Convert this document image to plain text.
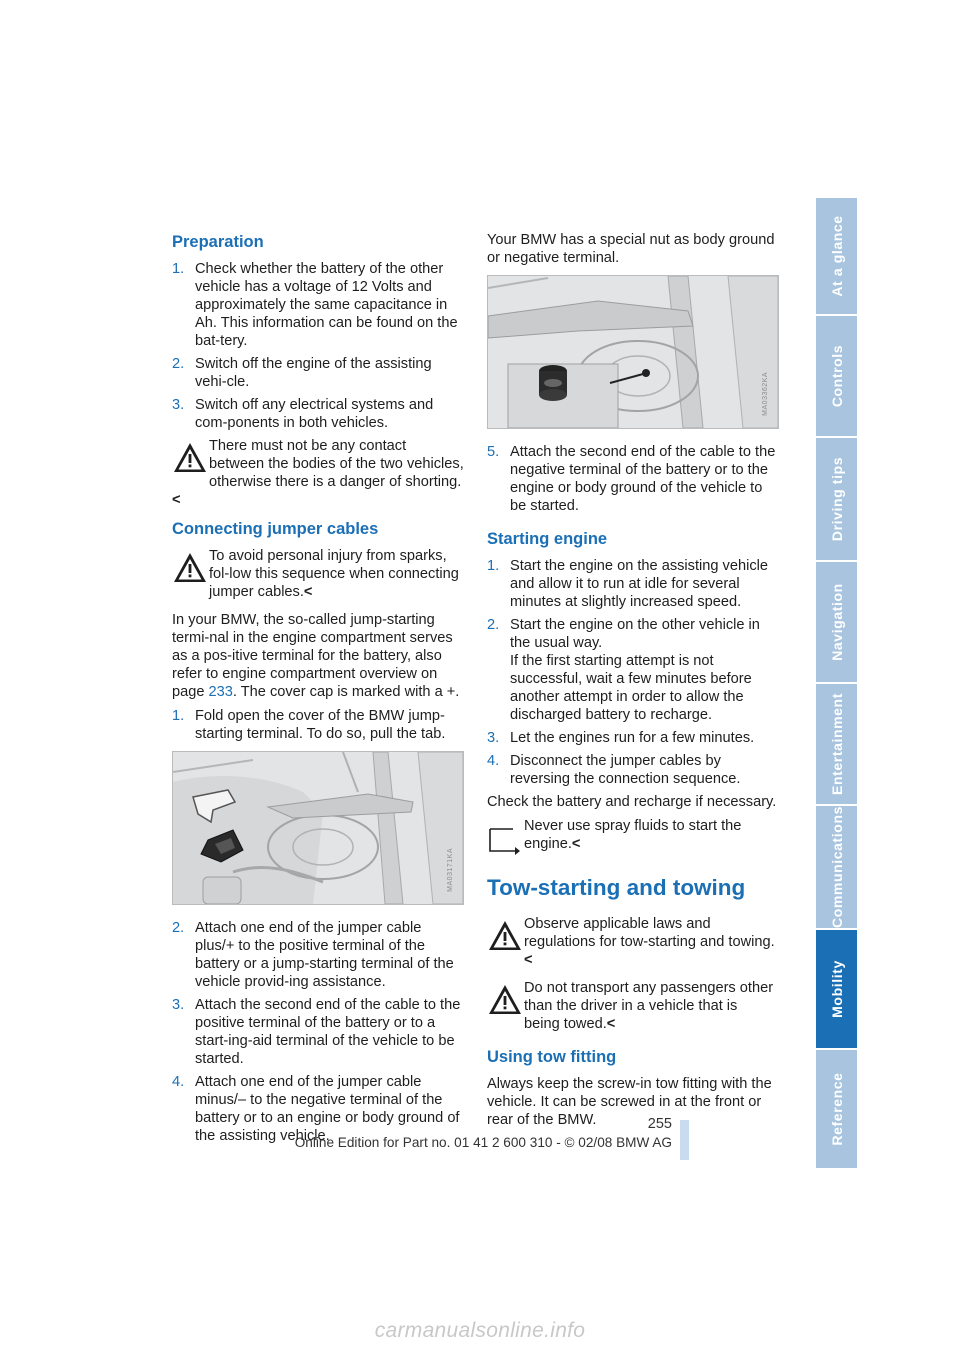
At a glance
Controls
Driving tips
Navigation
Entertainment
Communications
Mobility
Reference
Preparation
1. Check whether the battery of the other vehicle has a voltage of 12 Volts and approximately the same capacitance in Ah. This information can be found on the bat-tery.
2. Switch off the engine of the assisting vehi-cle.
3. Switch off any electrical systems and com-ponents in both vehicles.
There must not be any contact between the bodies of the two vehicles, otherwise there is a danger of shorting.<
Connecting jumper cables
To avoid personal injury from sparks, fol-low this sequence when connecting jumper cables.<

In your BMW, the so-called jump-starting termi-nal in the engine compartment serves as a pos-itive terminal for the battery, also refer to engine compartment overview on page 233. The cover cap is marked with a +.

1. Fold open the cover of the BMW jump-starting terminal. To do so, pull the tab.
MA03171KA
2. Attach one end of the jumper cable plus/+ to the positive terminal of the battery or a jump-starting terminal of the vehicle provid-ing assistance.
3. Attach the second end of the cable to the positive terminal of the battery or to a start-ing-aid terminal of the vehicle to be started.
4. Attach one end of the jumper cable minus/– to the negative terminal of the battery or to an engine or body ground of the assisting vehicle.

Your BMW has a special nut as body ground or negative terminal.

MA03362KA
5. Attach the second end of the cable to the negative terminal of the battery or to the engine or body ground of the vehicle to be started.
Starting engine
1. Start the engine on the assisting vehicle and allow it to run at idle for several minutes at slightly increased speed.
2. Start the engine on the other vehicle in the usual way.
If the first starting attempt is not successful, wait a few minutes before another attempt in order to allow the discharged battery to recharge.
3. Let the engines run for a few minutes.
4. Disconnect the jumper cables by reversing the connection sequence.

Check the battery and recharge if necessary.

Never use spray fluids to start the engine.<
Tow-starting and towing
Observe applicable laws and regulations for tow-starting and towing.<
Do not transport any passengers other than the driver in a vehicle that is being towed.<
Using tow fitting

Always keep the screw-in tow fitting with the vehicle. It can be screwed in at the front or rear of the BMW.	255
Online Edition for Part no. 01 41 2 600 310 - © 02/08 BMW AG
carmanualsonline.info
